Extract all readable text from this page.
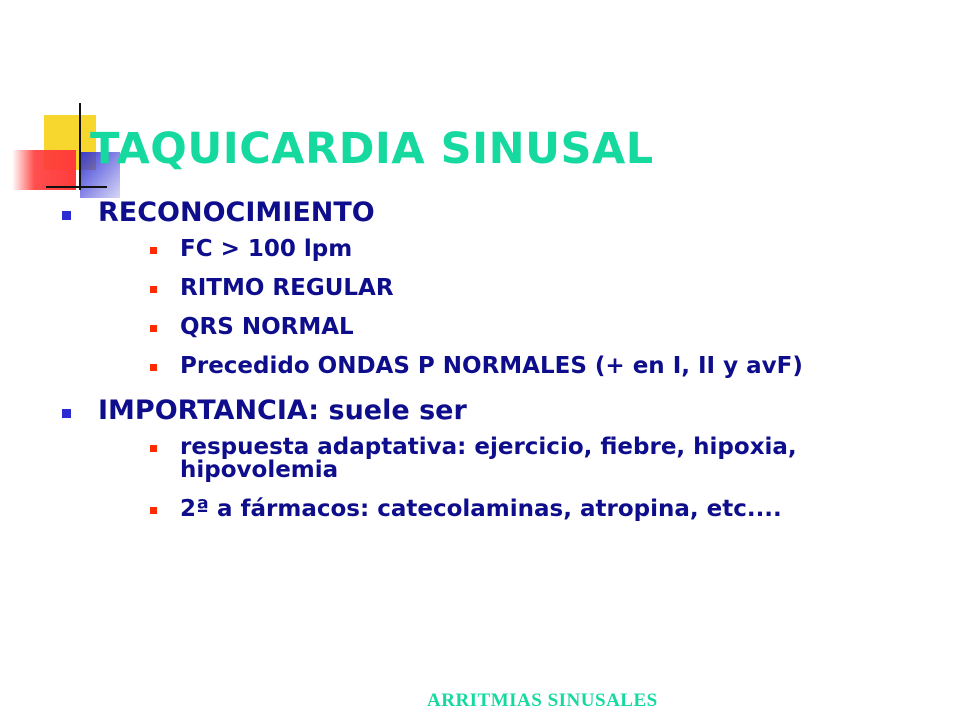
TAQUICARDIA SINUSAL
RECONOCIMIENTO
FC > 100 lpm
RITMO REGULAR
QRS NORMAL
Precedido ONDAS P NORMALES (+ en I, II y avF)
IMPORTANCIA: suele ser
respuesta adaptativa: ejercicio, fiebre, hipoxia, hipovolemia
2ª a fármacos: catecolaminas, atropina, etc....
ARRITMIAS SINUSALES
